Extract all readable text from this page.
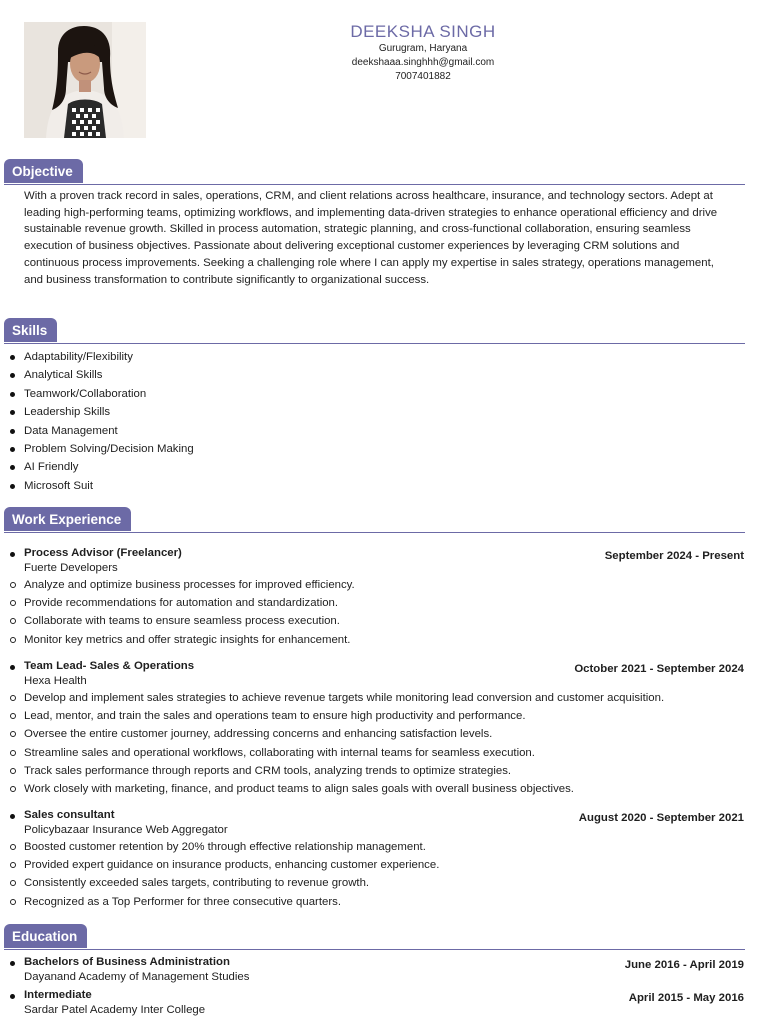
DEEKSHA SINGH
Gurugram, Haryana
deekshaaa.singhhh@gmail.com
7007401882
Objective

With a proven track record in sales, operations, CRM, and client relations across healthcare, insurance, and technology sectors. Adept at leading high-performing teams, optimizing workflows, and implementing data-driven strategies to enhance operational efficiency and drive sustainable revenue growth. Skilled in process automation, strategic planning, and cross-functional collaboration, ensuring seamless execution of business objectives. Passionate about delivering exceptional customer experiences by leveraging CRM solutions and continuous process improvements. Seeking a challenging role where I can apply my expertise in sales strategy, operations management, and business transformation to contribute significantly to organizational success.

Skills
Adaptability/Flexibility
Analytical Skills
Teamwork/Collaboration
Leadership Skills
Data Management
Problem Solving/Decision Making
AI Friendly
Microsoft Suit
Work Experience
Process Advisor (Freelancer)	September 2024 - Present
Fuerte Developers
Analyze and optimize business processes for improved efficiency.
Provide recommendations for automation and standardization.
Collaborate with teams to ensure seamless process execution.
Monitor key metrics and offer strategic insights for enhancement.
Team Lead- Sales & Operations	October 2021 - September 2024
Hexa Health
Develop and implement sales strategies to achieve revenue targets while monitoring lead conversion and customer acquisition.
Lead, mentor, and train the sales and operations team to ensure high productivity and performance.
Oversee the entire customer journey, addressing concerns and enhancing satisfaction levels.
Streamline sales and operational workflows, collaborating with internal teams for seamless execution.
Track sales performance through reports and CRM tools, analyzing trends to optimize strategies.
Work closely with marketing, finance, and product teams to align sales goals with overall business objectives.
Sales consultant	August 2020 - September 2021
Policybazaar Insurance Web Aggregator
Boosted customer retention by 20% through effective relationship management.
Provided expert guidance on insurance products, enhancing customer experience.
Consistently exceeded sales targets, contributing to revenue growth.
Recognized as a Top Performer for three consecutive quarters.
Education
Bachelors of Business Administration	June 2016 - April 2019
Dayanand Academy of Management Studies
Intermediate	April 2015 - May 2016
Sardar Patel Academy Inter College
